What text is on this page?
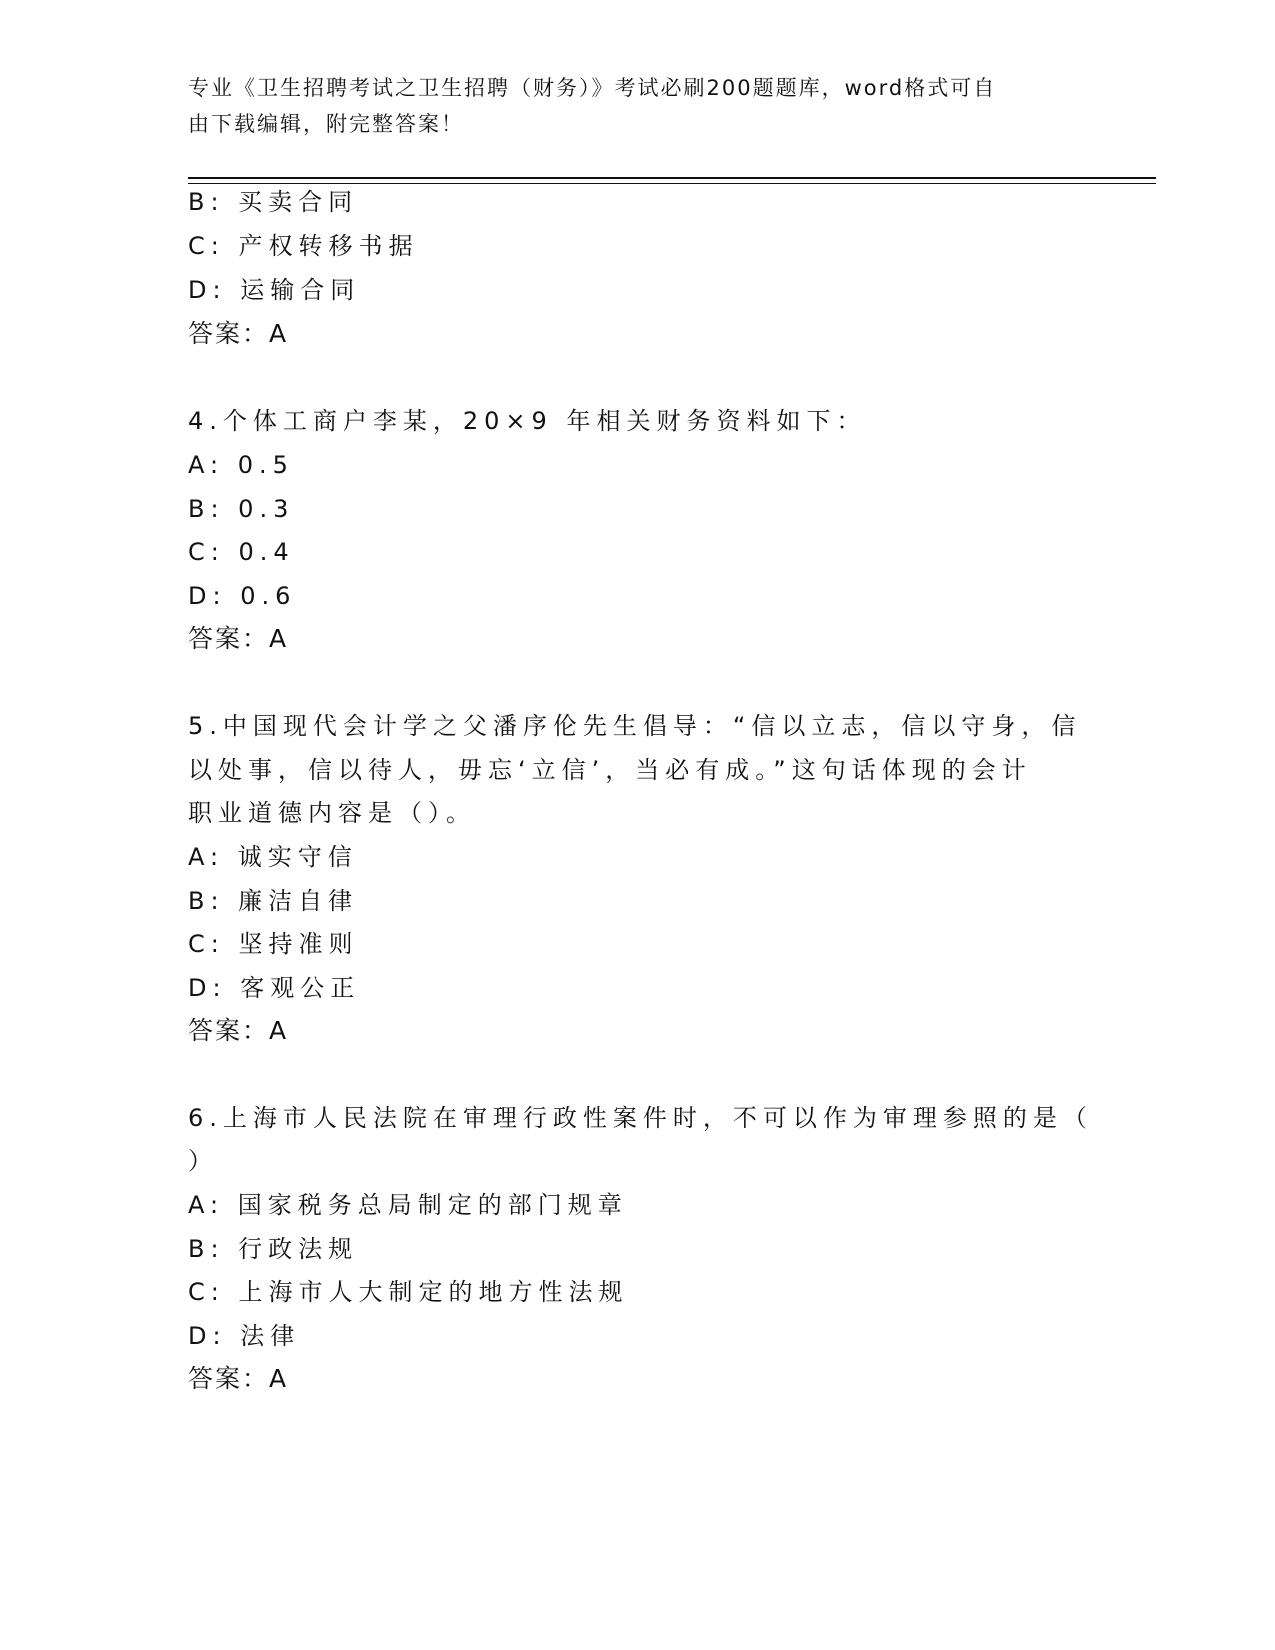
专业《卫生招聘考试之卫生招聘（财务）》考试必刷200题题库，word格式可自
由下载编辑，附完整答案！
B: 买卖合同
C: 产权转移书据
D: 运输合同
答案：A
4.个体工商户李某，20×9 年相关财务资料如下：
A: 0.5
B: 0.3
C: 0.4
D: 0.6
答案：A
5.中国现代会计学之父潘序伦先生倡导：“信以立志，信以守身，信
以处事，信以待人，毋忘‘立信’，当必有成。”这句话体现的会计
职业道德内容是（）。
A: 诚实守信
B: 廉洁自律
C: 坚持准则
D: 客观公正
答案：A
6.上海市人民法院在审理行政性案件时，不可以作为审理参照的是（
）
A: 国家税务总局制定的部门规章
B: 行政法规
C: 上海市人大制定的地方性法规
D: 法律
答案：A
